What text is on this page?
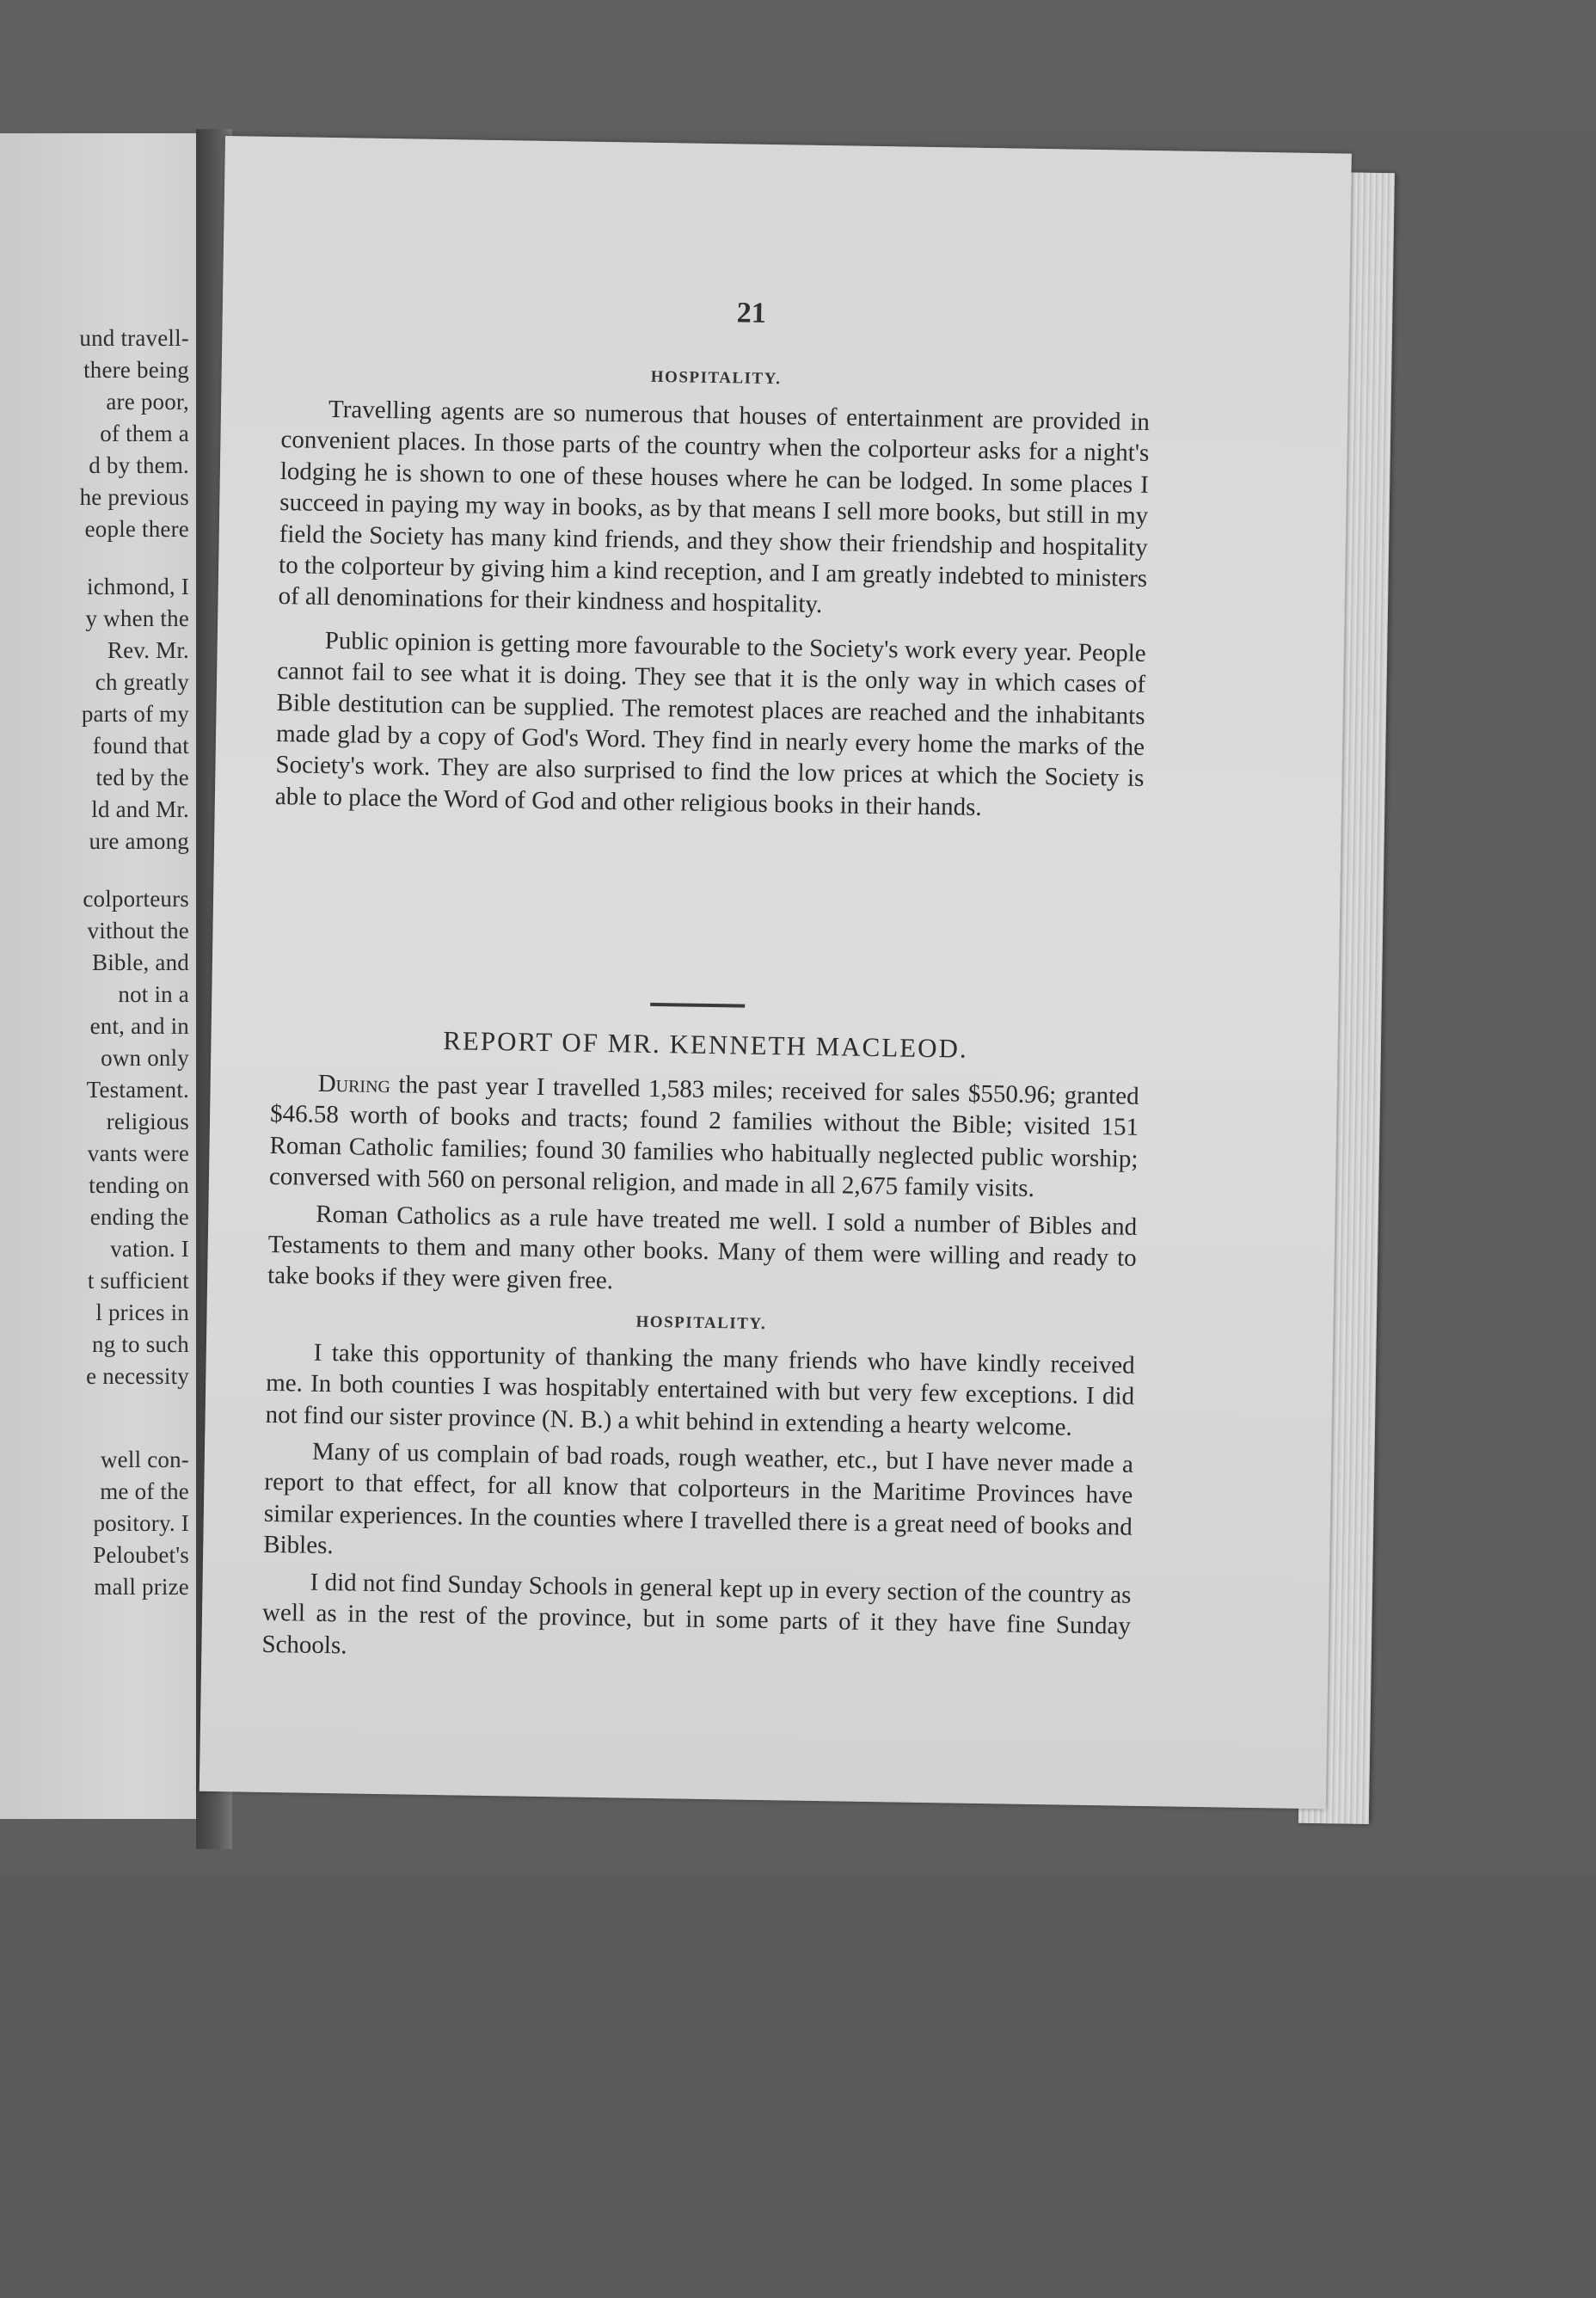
und travell-
there being
are poor,
of them a
d by them.
he previous
eople there
ichmond, I
y when the
Rev. Mr.
ch greatly
parts of my
found that
ted by the
ld and Mr.
ure among
colporteurs
vithout the
Bible, and
not in a
ent, and in
own only
Testament.
religious
vants were
tending on
ending the
vation. I
t sufficient
l prices in
ng to such
e necessity
well con-
me of the
pository. I
Peloubet's
mall prize
21
HOSPITALITY.
Travelling agents are so numerous that houses of entertainment are provided in convenient places. In those parts of the country when the colporteur asks for a night's lodging he is shown to one of these houses where he can be lodged. In some places I succeed in paying my way in books, as by that means I sell more books, but still in my field the Society has many kind friends, and they show their friendship and hospitality to the colporteur by giving him a kind reception, and I am greatly indebted to ministers of all denominations for their kindness and hospitality.
Public opinion is getting more favourable to the Society's work every year. People cannot fail to see what it is doing. They see that it is the only way in which cases of Bible destitution can be supplied. The remotest places are reached and the inhabitants made glad by a copy of God's Word. They find in nearly every home the marks of the Society's work. They are also surprised to find the low prices at which the Society is able to place the Word of God and other religious books in their hands.
REPORT OF MR. KENNETH MACLEOD.
During the past year I travelled 1,583 miles; received for sales $550.96; granted $46.58 worth of books and tracts; found 2 families without the Bible; visited 151 Roman Catholic families; found 30 families who habitually neglected public worship; conversed with 560 on personal religion, and made in all 2,675 family visits.
Roman Catholics as a rule have treated me well. I sold a number of Bibles and Testaments to them and many other books. Many of them were willing and ready to take books if they were given free.
HOSPITALITY.
I take this opportunity of thanking the many friends who have kindly received me. In both counties I was hospitably entertained with but very few exceptions. I did not find our sister province (N. B.) a whit behind in extending a hearty welcome.
Many of us complain of bad roads, rough weather, etc., but I have never made a report to that effect, for all know that colporteurs in the Maritime Provinces have similar experiences. In the counties where I travelled there is a great need of books and Bibles.
I did not find Sunday Schools in general kept up in every section of the country as well as in the rest of the province, but in some parts of it they have fine Sunday Schools.
